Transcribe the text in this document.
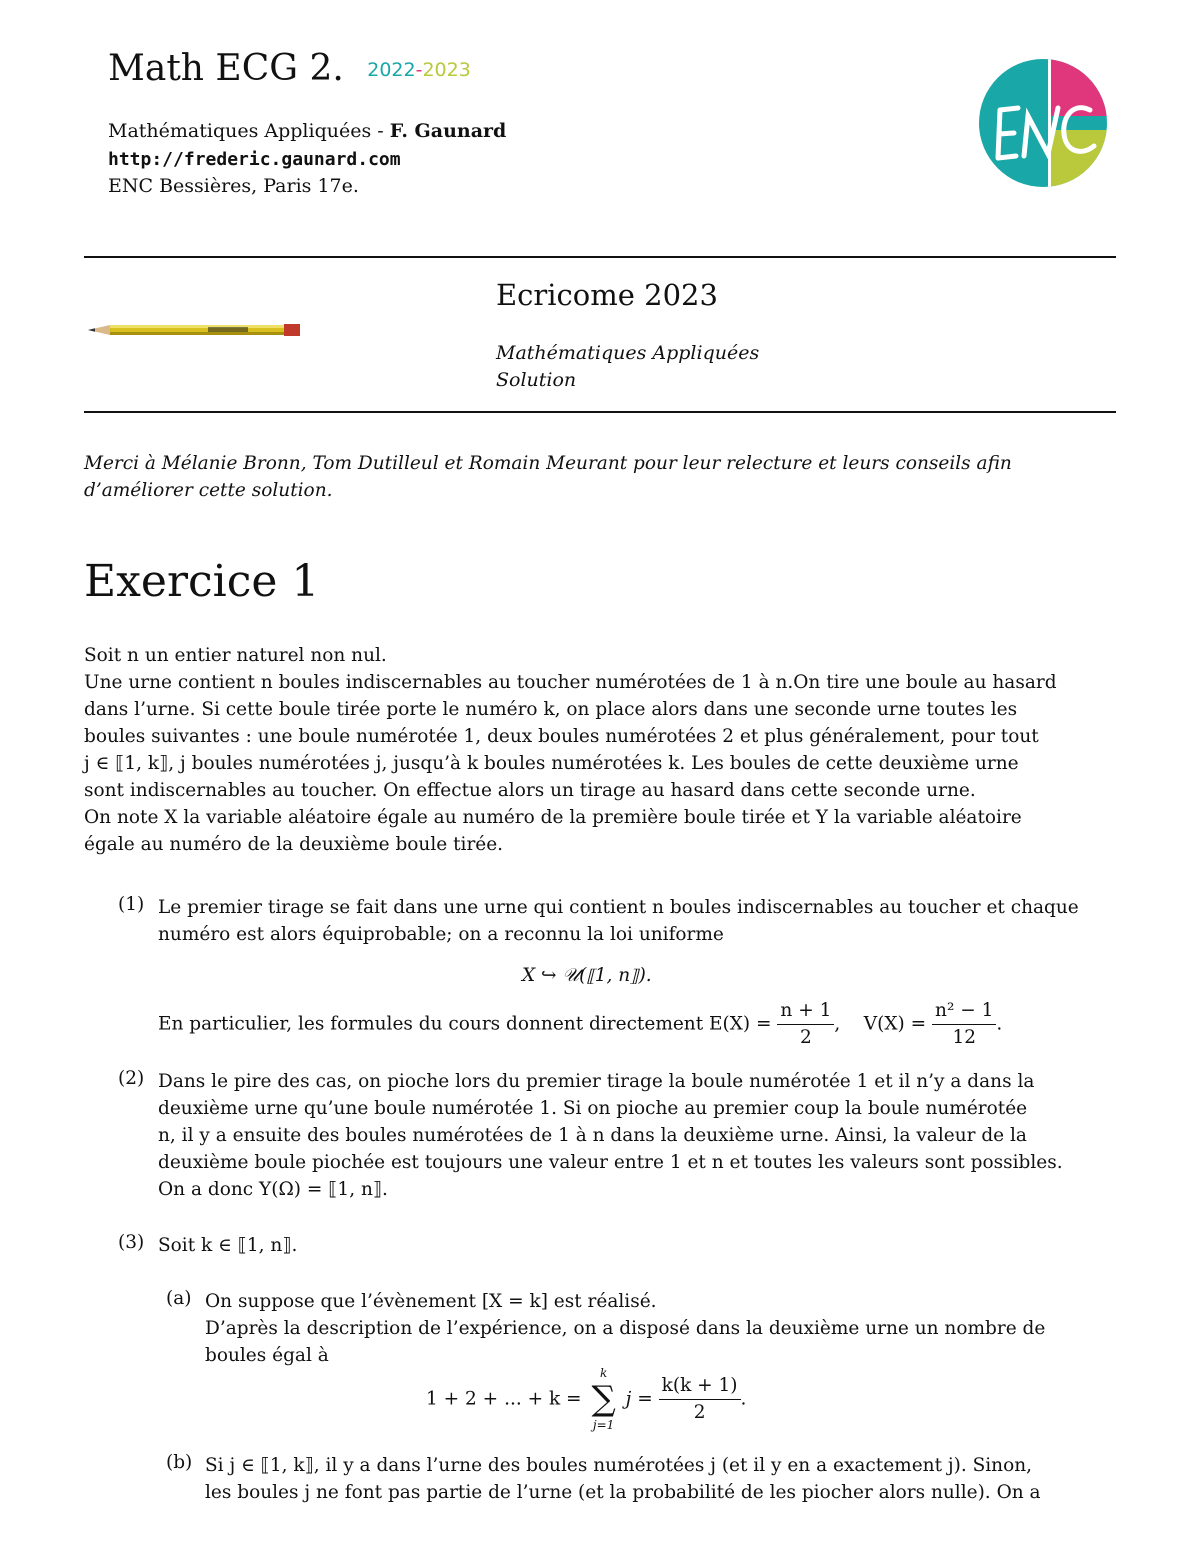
Math ECG 2. 2022-2023
Mathématiques Appliquées - F. Gaunard
http://frederic.gaunard.com
ENC Bessières, Paris 17e.
Ecricome 2023
Mathématiques Appliquées
Solution
Merci à Mélanie Bronn, Tom Dutilleul et Romain Meurant pour leur relecture et leurs conseils afin
d’améliorer cette solution.
Exercice 1
Soit n un entier naturel non nul.
Une urne contient n boules indiscernables au toucher numérotées de 1 à n.On tire une boule au hasard
dans l’urne. Si cette boule tirée porte le numéro k, on place alors dans une seconde urne toutes les
boules suivantes : une boule numérotée 1, deux boules numérotées 2 et plus généralement, pour tout
j ∈ ⟦1, k⟧, j boules numérotées j, jusqu’à k boules numérotées k. Les boules de cette deuxième urne
sont indiscernables au toucher. On effectue alors un tirage au hasard dans cette seconde urne.
On note X la variable aléatoire égale au numéro de la première boule tirée et Y la variable aléatoire
égale au numéro de la deuxième boule tirée.
(1) Le premier tirage se fait dans une urne qui contient n boules indiscernables au toucher et chaque
numéro est alors équiprobable; on a reconnu la loi uniforme
X ↪ 𝒰(⟦1, n⟧).
En particulier, les formules du cours donnent directement $E(X) = \frac{n + 1}{2}$ ,    $V(X) = \frac{\text{n² − 1}}{12}$ .
(2) Dans le pire des cas, on pioche lors du premier tirage la boule numérotée 1 et il n’y a dans la
deuxième urne qu’une boule numérotée 1. Si on pioche au premier coup la boule numérotée
n, il y a ensuite des boules numérotées de 1 à n dans la deuxième urne. Ainsi, la valeur de la
deuxième boule piochée est toujours une valeur entre 1 et n et toutes les valeurs sont possibles.
On a donc Y(Ω) = ⟦1, n⟧.
(3) Soit k ∈ ⟦1, n⟧.
(a) On suppose que l’évènement [X = k] est réalisé.
D’après la description de l’expérience, on a disposé dans la deuxième urne un nombre de
boules égal à
1 + 2 + ... + k =
k
∑
j=1
$j = \frac{k(k + 1)}{2}$ .
(b) Si j ∈ ⟦1, k⟧, il y a dans l’urne des boules numérotées j (et il y en a exactement j). Sinon,
les boules j ne font pas partie de l’urne (et la probabilité de les piocher alors nulle). On a
